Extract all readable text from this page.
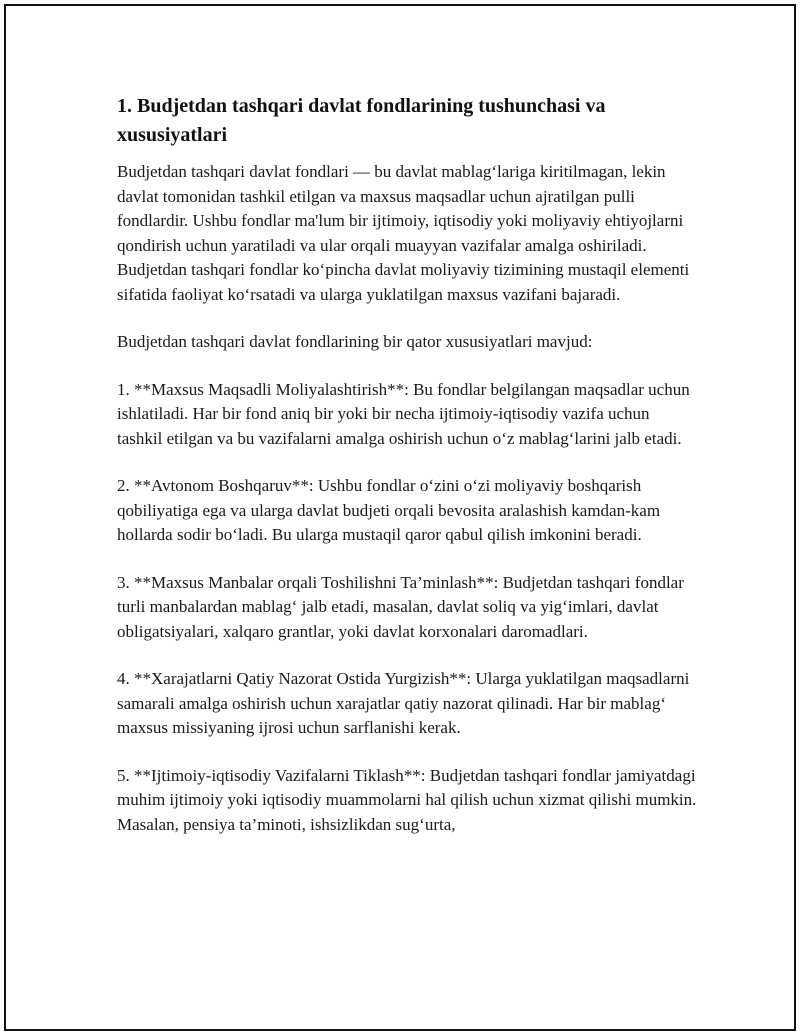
1. Budjetdan tashqari davlat fondlarining tushunchasi va xususiyatlari

Budjetdan tashqari davlat fondlari — bu davlat mablag‘lariga kiritilmagan, lekin davlat tomonidan tashkil etilgan va maxsus maqsadlar uchun ajratilgan pulli fondlardir. Ushbu fondlar ma'lum bir ijtimoiy, iqtisodiy yoki moliyaviy ehtiyojlarni qondirish uchun yaratiladi va ular orqali muayyan vazifalar amalga oshiriladi. Budjetdan tashqari fondlar ko‘pincha davlat moliyaviy tizimining mustaqil elementi sifatida faoliyat ko‘rsatadi va ularga yuklatilgan maxsus vazifani bajaradi.

Budjetdan tashqari davlat fondlarining bir qator xususiyatlari mavjud:

1. **Maxsus Maqsadli Moliyalashtirish**: Bu fondlar belgilangan maqsadlar uchun ishlatiladi. Har bir fond aniq bir yoki bir necha ijtimoiy-iqtisodiy vazifa uchun tashkil etilgan va bu vazifalarni amalga oshirish uchun o‘z mablag‘larini jalb etadi.

2. **Avtonom Boshqaruv**: Ushbu fondlar o‘zini o‘zi moliyaviy boshqarish qobiliyatiga ega va ularga davlat budjeti orqali bevosita aralashish kamdan-kam hollarda sodir bo‘ladi. Bu ularga mustaqil qaror qabul qilish imkonini beradi.

3. **Maxsus Manbalar orqali Toshilishni Ta’minlash**: Budjetdan tashqari fondlar turli manbalardan mablag‘ jalb etadi, masalan, davlat soliq va yig‘imlari, davlat obligatsiyalari, xalqaro grantlar, yoki davlat korxonalari daromadlari.

4. **Xarajatlarni Qatiy Nazorat Ostida Yurgizish**: Ularga yuklatilgan maqsadlarni samarali amalga oshirish uchun xarajatlar qatiy nazorat qilinadi. Har bir mablag‘ maxsus missiyaning ijrosi uchun sarflanishi kerak.

5. **Ijtimoiy-iqtisodiy Vazifalarni Tiklash**: Budjetdan tashqari fondlar jamiyatdagi muhim ijtimoiy yoki iqtisodiy muammolarni hal qilish uchun xizmat qilishi mumkin. Masalan, pensiya ta’minoti, ishsizlikdan sug‘urta,
